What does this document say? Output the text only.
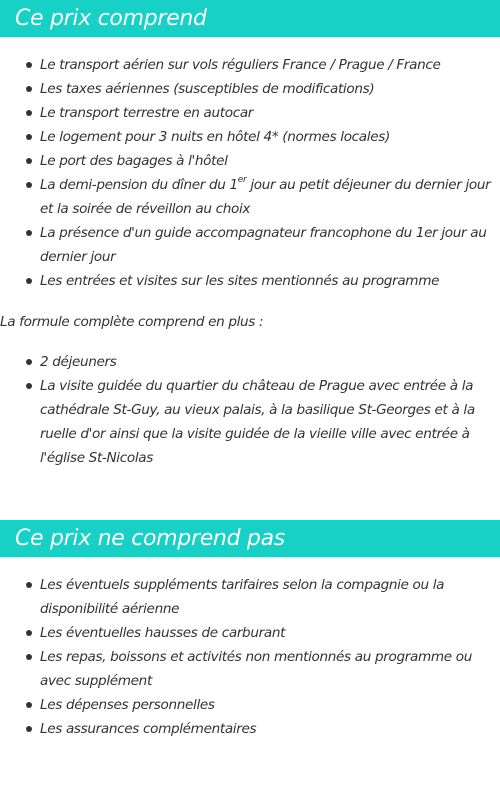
Ce prix comprend
Le transport aérien sur vols réguliers France / Prague / France
Les taxes aériennes (susceptibles de modifications)
Le transport terrestre en autocar
Le logement pour 3 nuits en hôtel 4* (normes locales)
Le port des bagages à l'hôtel
La demi-pension du dîner du 1er jour au petit déjeuner du dernier jour et la soirée de réveillon au choix
La présence d'un guide accompagnateur francophone du 1er jour au dernier jour
Les entrées et visites sur les sites mentionnés au programme

La formule complète comprend en plus :

2 déjeuners
La visite guidée du quartier du château de Prague avec entrée à la cathédrale St-Guy, au vieux palais, à la basilique St-Georges et à la ruelle d'or ainsi que la visite guidée de la vieille ville avec entrée à l'église St-Nicolas
Ce prix ne comprend pas
Les éventuels suppléments tarifaires selon la compagnie ou la disponibilité aérienne
Les éventuelles hausses de carburant
Les repas, boissons et activités non mentionnés au programme ou avec supplément
Les dépenses personnelles
Les assurances complémentaires
